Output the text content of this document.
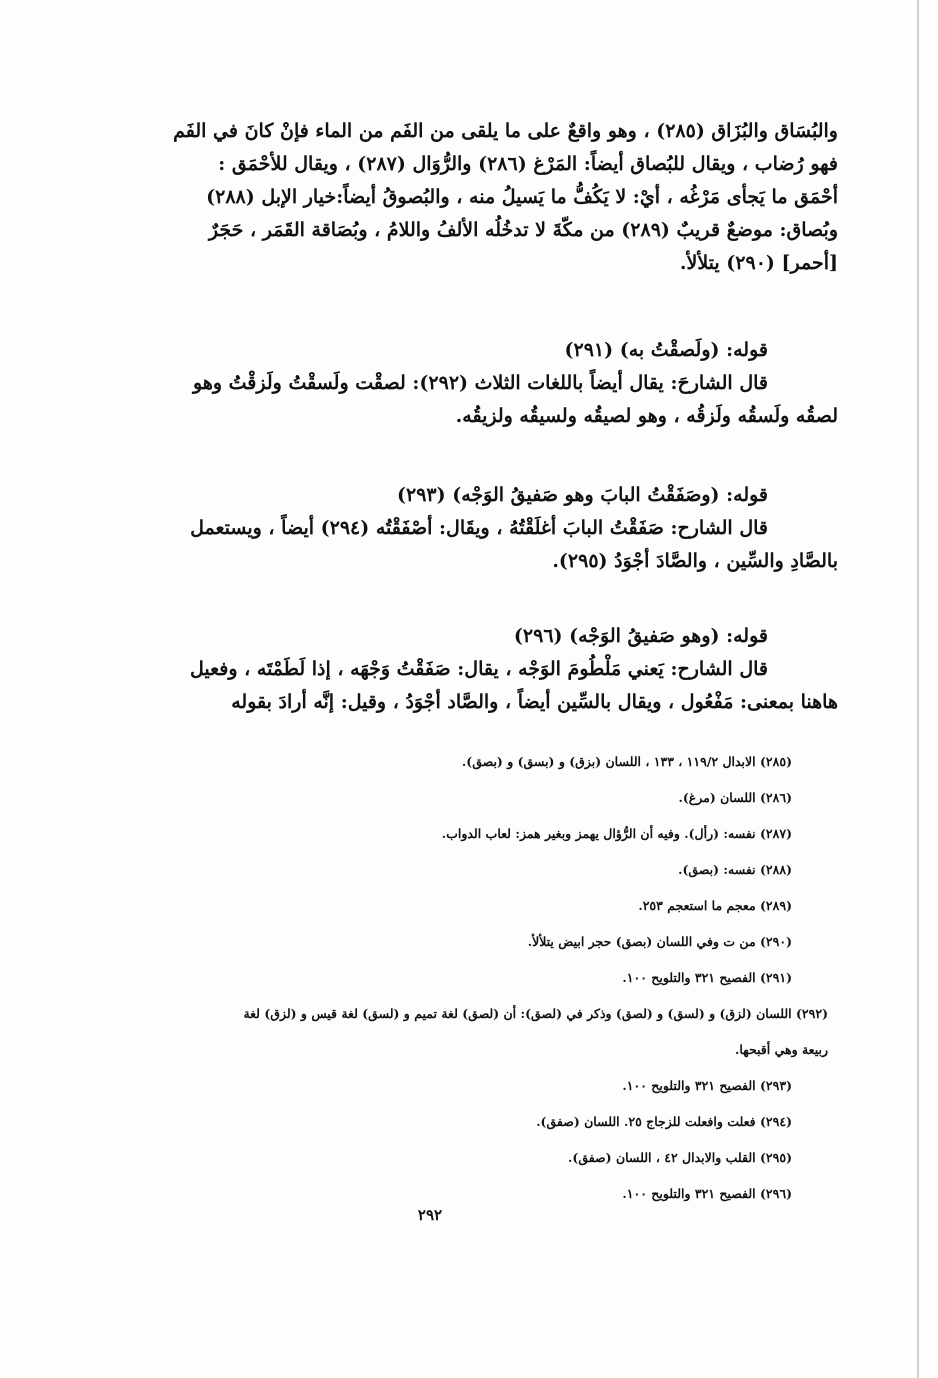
والبُسَاق والبُزَاق (٢٨٥) ، وهو واقعٌ على ما يلقى من الفَم من الماء فإنْ كانَ في الفَم
فهو رُضاب ، ويقال للبُصاق أيضاً: المَرْغ (٢٨٦) والرُّوَال (٢٨٧) ، ويقال للأحْمَق :
أحْمَق ما يَجأى مَرْغُه ، أيْ: لا يَكُفُّ ما يَسيلُ منه ، والبُصوقُ أيضاً:خيار الإبل (٢٨٨)
وبُصاق: موضعٌ قريبٌ (٢٨٩) من مكّةَ لا تدخُلُه الألفُ واللامُ ، وبُصَاقة القَمَر ، حَجَرٌ
[أحمر] (٢٩٠) يتلألأ.
قوله: (ولَصقْتُ به) (٢٩١)
قال الشارحَ: يقال أيضاً باللغات الثلاث (٢٩٢): لصقْت ولَسقْتُ ولَزقْتُ وهو
لصقُه ولَسقُه ولَزقُه ، وهو لصيقُه ولسيقُه ولزيقُه.
قوله: (وصَفَقْتُ البابَ وهو صَفيقُ الوَجْه) (٢٩٣)
قال الشارح: صَفَقْتُ البابَ أغلَقْتُهُ ، ويقَال: أصْفَقْتُه (٢٩٤) أيضاً ، ويستعمل
بالصَّادِ والسِّين ، والصَّادَ أجْوَدُ (٢٩٥).
قوله: (وهو صَفيقُ الوَجْه) (٢٩٦)
قال الشارح: يَعني مَلْطُومَ الوَجْه ، يقال: صَفَقْتُ وَجْهَه ، إذا لَطَمْتَه ، وفعيل
هاهنا بمعنى: مَفْعُول ، ويقال بالسِّين أيضاً ، والصَّاد أجْوَدُ ، وقيل: إنَّه أرادَ بقوله
(٢٨٥) الابدال ١١٩/٢ ، ١٣٣ ، اللسان (بزق) و (بسق) و (بصق).
(٢٨٦) اللسان (مرغ).
(٢٨٧) نفسه: (رأل). وفيه أن الرُّؤال يهمز وبغير همز: لعاب الدواب.
(٢٨٨) نفسه: (بصق).
(٢٨٩) معجم ما استعجم ٢٥٣.
(٢٩٠) من ت وفي اللسان (بصق) حجر ابيض يتلألأ.
(٢٩١) الفصيح ٣٢١ والتلويح ١٠٠.
(٢٩٢) اللسان (لزق) و (لسق) و (لصق) وذكر في (لصق): أن (لصق) لغة تميم و (لسق) لغة قيس و (لزق) لغة
ربيعة وهي أقبحها.
(٢٩٣) الفصيح ٣٢١ والتلويح ١٠٠.
(٢٩٤) فعلت وافعلت للزجاج ٢٥. اللسان (صفق).
(٢٩٥) القلب والابدال ٤٢ ، اللسان (صفق).
(٢٩٦) الفصيح ٣٢١ والتلويح ١٠٠.
٢٩٢
